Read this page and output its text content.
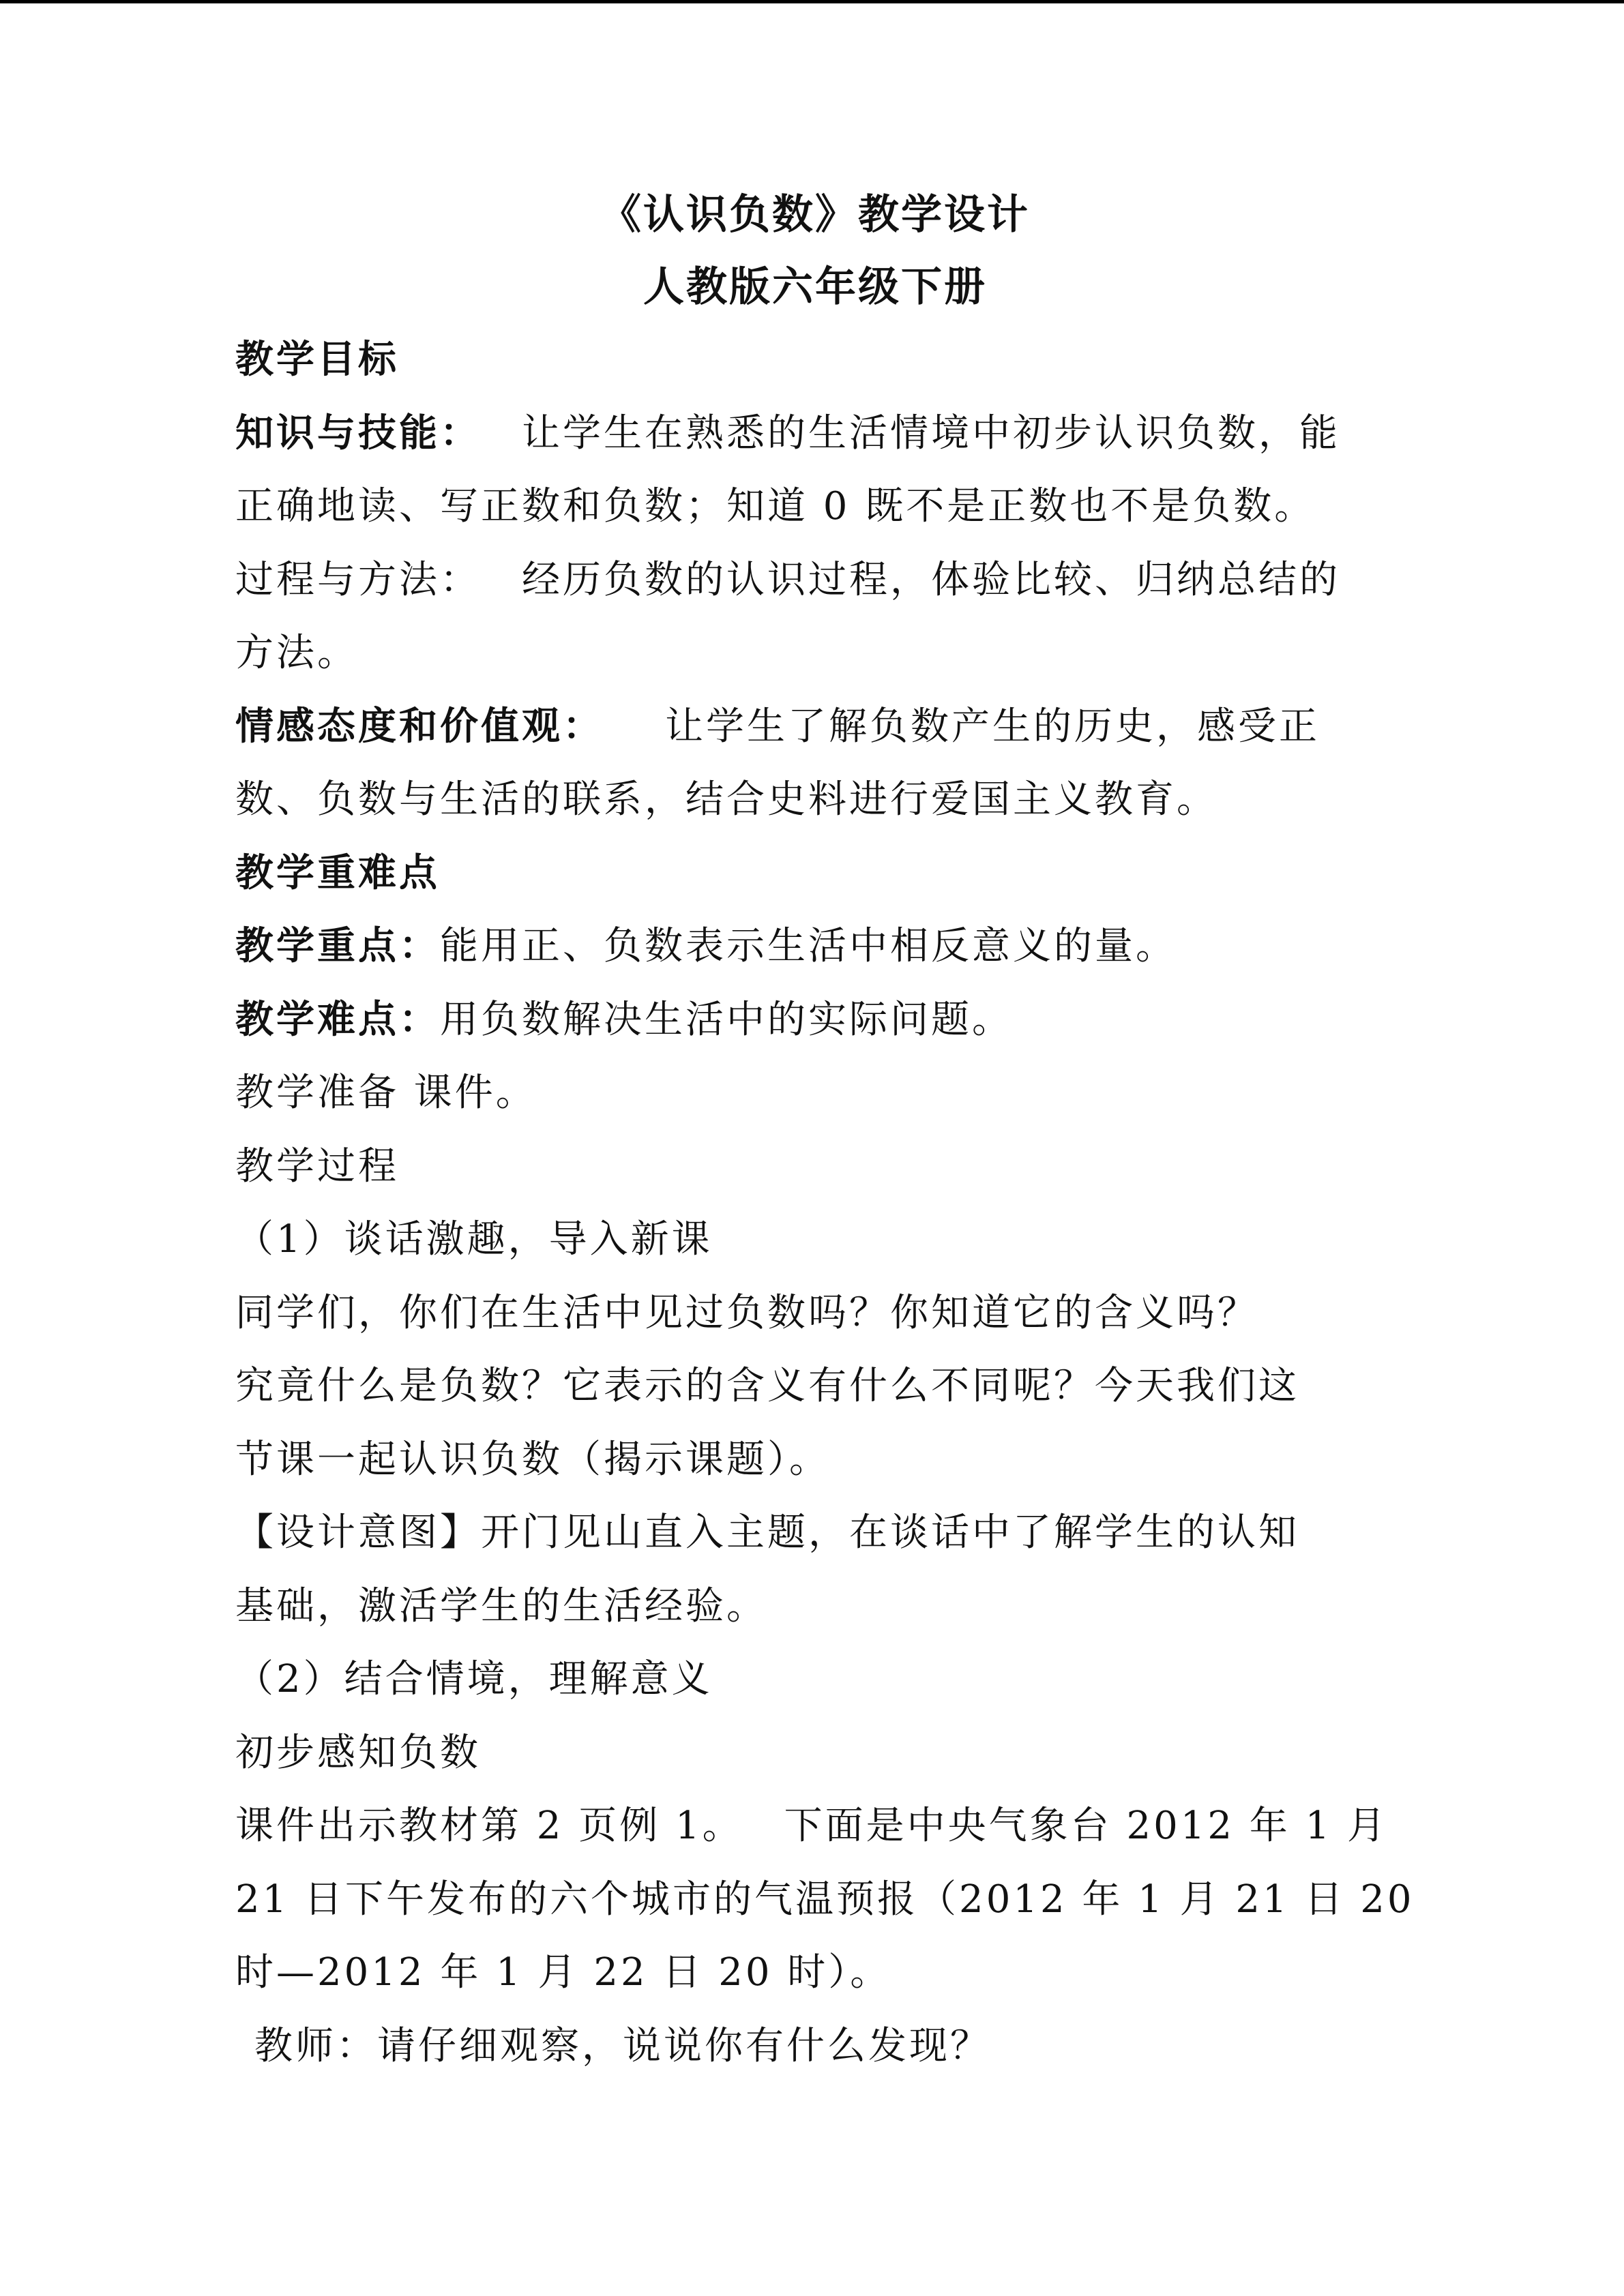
《认识负数》教学设计
人教版六年级下册
教学目标
知识与技能： 让学生在熟悉的生活情境中初步认识负数，能
正确地读、写正数和负数；知道 0 既不是正数也不是负数。
过程与方法： 经历负数的认识过程，体验比较、归纳总结的
方法。
情感态度和价值观： 让学生了解负数产生的历史，感受正
数、负数与生活的联系，结合史料进行爱国主义教育。
教学重难点
教学重点：能用正、负数表示生活中相反意义的量。
教学难点：用负数解决生活中的实际问题。
教学准备 课件。
教学过程
（1）谈话激趣，导入新课
同学们，你们在生活中见过负数吗？你知道它的含义吗？
究竟什么是负数？它表示的含义有什么不同呢？今天我们这
节课一起认识负数（揭示课题）。
【设计意图】开门见山直入主题，在谈话中了解学生的认知
基础，激活学生的生活经验。
（2）结合情境，理解意义
初步感知负数
课件出示教材第 2 页例 1。 下面是中央气象台 2012 年 1 月
21 日下午发布的六个城市的气温预报（2012 年 1 月 21 日 20
时—2012 年 1 月 22 日 20 时）。
教师：请仔细观察，说说你有什么发现？
